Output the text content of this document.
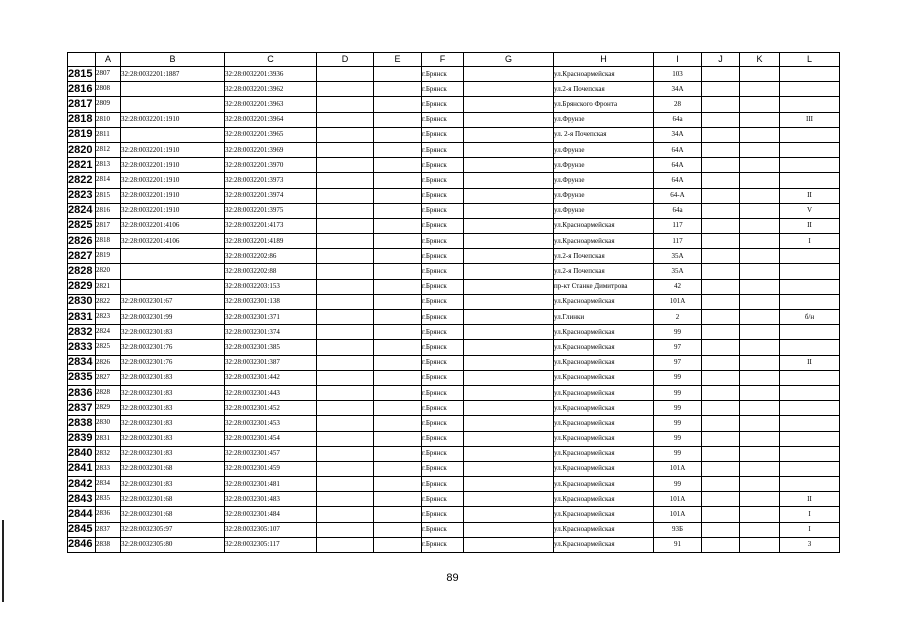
	A	B	C	D	E	F	G	H	I	J	K	L
2815	2807	32:28:0032201:1887	32:28:0032201:3936			г.Брянск		ул.Красноармейская	103			
2816	2808		32:28:0032201:3962			г.Брянск		ул.2-я Почепская	34А			
2817	2809		32:28:0032201:3963			г.Брянск		ул.Брянского Фронта	28			
2818	2810	32:28:0032201:1910	32:28:0032201:3964			г.Брянск		ул.Фрунзе	64а			III
2819	2811		32:28:0032201:3965			г.Брянск		ул. 2-я Почепская	34А			
2820	2812	32:28:0032201:1910	32:28:0032201:3969			г.Брянск		ул.Фрунзе	64А			
2821	2813	32:28:0032201:1910	32:28:0032201:3970			г.Брянск		ул.Фрунзе	64А			
2822	2814	32:28:0032201:1910	32:28:0032201:3973			г.Брянск		ул.Фрунзе	64А			
2823	2815	32:28:0032201:1910	32:28:0032201:3974			г.Брянск		ул.Фрунзе	64-А			II
2824	2816	32:28:0032201:1910	32:28:0032201:3975			г.Брянск		ул.Фрунзе	64а			V
2825	2817	32:28:0032201:4106	32:28:0032201:4173			г.Брянск		ул.Красноармейская	117			II
2826	2818	32:28:0032201:4106	32:28:0032201:4189			г.Брянск		ул.Красноармейская	117			I
2827	2819		32:28:0032202:86			г.Брянск		ул.2-я Почепская	35А			
2828	2820		32:28:0032202:88			г.Брянск		ул.2-я Почепская	35А			
2829	2821		32:28:0032203:153			г.Брянск		пр-кт Станке Димитрова	42			
2830	2822	32:28:0032301:67	32:28:0032301:138			г.Брянск		ул.Красноармейская	101А			
2831	2823	32:28:0032301:99	32:28:0032301:371			г.Брянск		ул.Глинки	2			б/н
2832	2824	32:28:0032301:83	32:28:0032301:374			г.Брянск		ул.Красноармейская	99			
2833	2825	32:28:0032301:76	32:28:0032301:385			г.Брянск		ул.Красноармейская	97			
2834	2826	32:28:0032301:76	32:28:0032301:387			г.Брянск		ул.Красноармейская	97			II
2835	2827	32:28:0032301:83	32:28:0032301:442			г.Брянск		ул.Красноармейская	99			
2836	2828	32:28:0032301:83	32:28:0032301:443			г.Брянск		ул.Красноармейская	99			
2837	2829	32:28:0032301:83	32:28:0032301:452			г.Брянск		ул.Красноармейская	99			
2838	2830	32:28:0032301:83	32:28:0032301:453			г.Брянск		ул.Красноармейская	99			
2839	2831	32:28:0032301:83	32:28:0032301:454			г.Брянск		ул.Красноармейская	99			
2840	2832	32:28:0032301:83	32:28:0032301:457			г.Брянск		ул.Красноармейская	99			
2841	2833	32:28:0032301:68	32:28:0032301:459			г.Брянск		ул.Красноармейская	101А			
2842	2834	32:28:0032301:83	32:28:0032301:481			г.Брянск		ул.Красноармейская	99			
2843	2835	32:28:0032301:68	32:28:0032301:483			г.Брянск		ул.Красноармейская	101А			II
2844	2836	32:28:0032301:68	32:28:0032301:484			г.Брянск		ул.Красноармейская	101А			I
2845	2837	32:28:0032305:97	32:28:0032305:107			г.Брянск		ул.Красноармейская	93Б			I
2846	2838	32:28:0032305:80	32:28:0032305:117			г.Брянск		ул.Красноармейская	91			3
89
